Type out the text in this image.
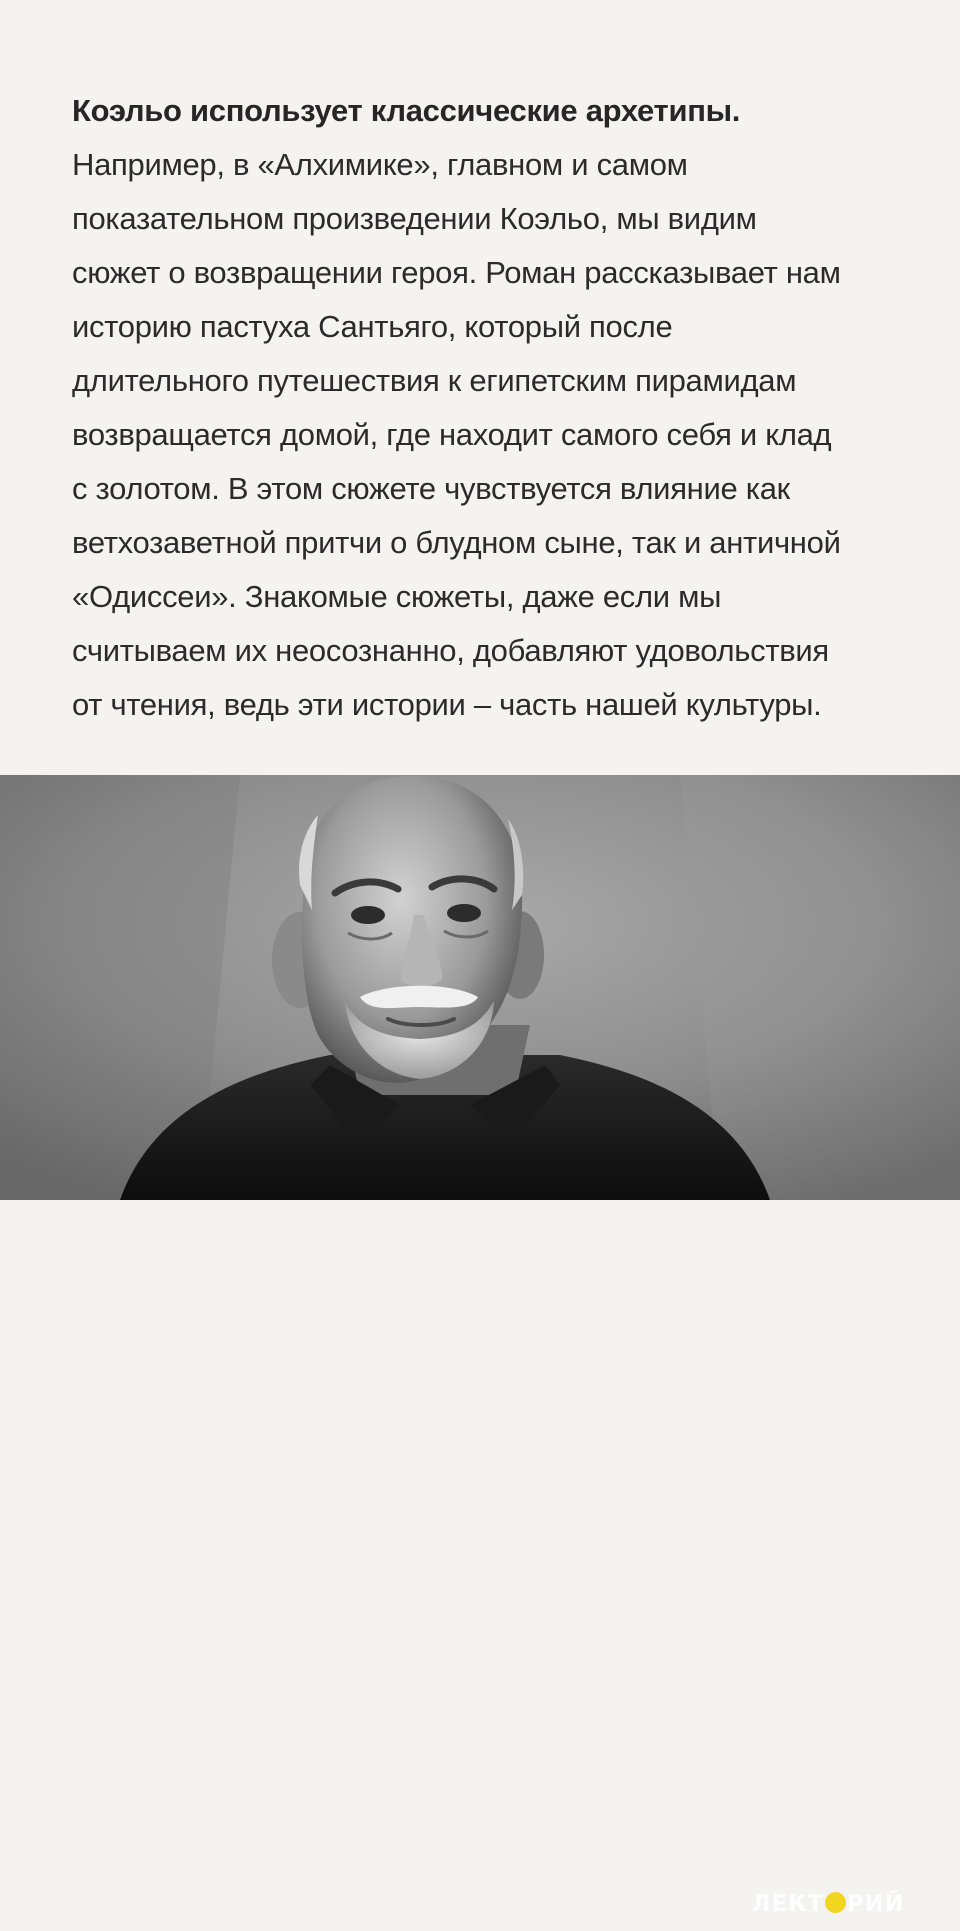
Коэльо использует классические архетипы.
Например, в «Алхимике», главном и самом
показательном произведении Коэльо, мы видим
сюжет о возвращении героя. Роман рассказывает нам
историю пастуха Сантьяго, который после
длительного путешествия к египетским пирамидам
возвращается домой, где находит самого себя и клад
с золотом. В этом сюжете чувствуется влияние как
ветхозаветной притчи о блудном сыне, так и античной
«Одиссеи». Знакомые сюжеты, даже если мы
считываем их неосознанно, добавляют удовольствия
от чтения, ведь эти истории – часть нашей культуры.
ЛЕКТ РИЙ
Правое полушарие Интроверта
